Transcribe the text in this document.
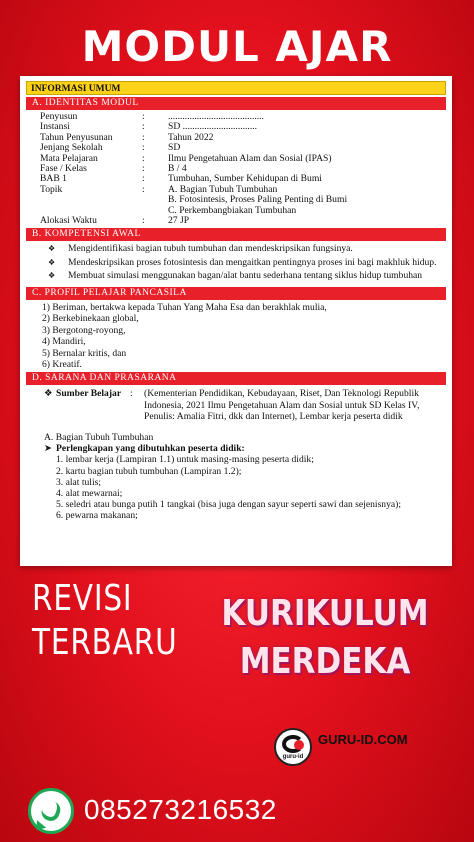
MODUL AJAR
INFORMASI UMUM
A. IDENTITAS MODUL
Penyusun	:	........................................
Instansi	:	SD ...............................
Tahun Penyusunan	:	Tahun 2022
Jenjang Sekolah	:	SD
Mata Pelajaran	:	Ilmu Pengetahuan Alam dan Sosial (IPAS)
Fase / Kelas	:	B / 4
BAB 1	:	Tumbuhan, Sumber Kehidupan di Bumi
Topik	:	A. Bagian Tubuh Tumbuhan
B. Fotosintesis, Proses Paling Penting di Bumi
C. Perkembangbiakan Tumbuhan
Alokasi Waktu	:	27 JP
B. KOMPETENSI AWAL
❖	Mengidentifikasi bagian tubuh tumbuhan dan mendeskripsikan fungsinya.
❖	Mendeskripsikan proses fotosintesis dan mengaitkan pentingnya proses ini bagi makhluk hidup.
❖	Membuat simulasi menggunakan bagan/alat bantu sederhana tentang siklus hidup tumbuhan
C. PROFIL PELAJAR PANCASILA
1) Beriman, bertakwa kepada Tuhan Yang Maha Esa dan berakhlak mulia,
2) Berkebinekaan global,
3) Bergotong-royong,
4) Mandiri,
5) Bernalar kritis, dan
6) Kreatif.
D. SARANA DAN PRASARANA
❖ Sumber Belajar :	(Kementerian Pendidikan, Kebudayaan, Riset, Dan Teknologi Republik Indonesia, 2021 Ilmu Pengetahuan Alam dan Sosial untuk SD Kelas IV, Penulis: Amalia Fitri, dkk dan Internet), Lembar kerja peserta didik
A. Bagian Tubuh Tumbuhan
➤ Perlengkapan yang dibutuhkan peserta didik:
1. lembar kerja (Lampiran 1.1) untuk masing-masing peserta didik;
2. kartu bagian tubuh tumbuhan (Lampiran 1.2);
3. alat tulis;
4. alat mewarnai;
5. seledri atau bunga putih 1 tangkai (bisa juga dengan sayur seperti sawi dan sejenisnya);
6. pewarna makanan;
REVISI
TERBARU
KURIKULUM
MERDEKA
guru-id
GURU-ID.COM
085273216532
